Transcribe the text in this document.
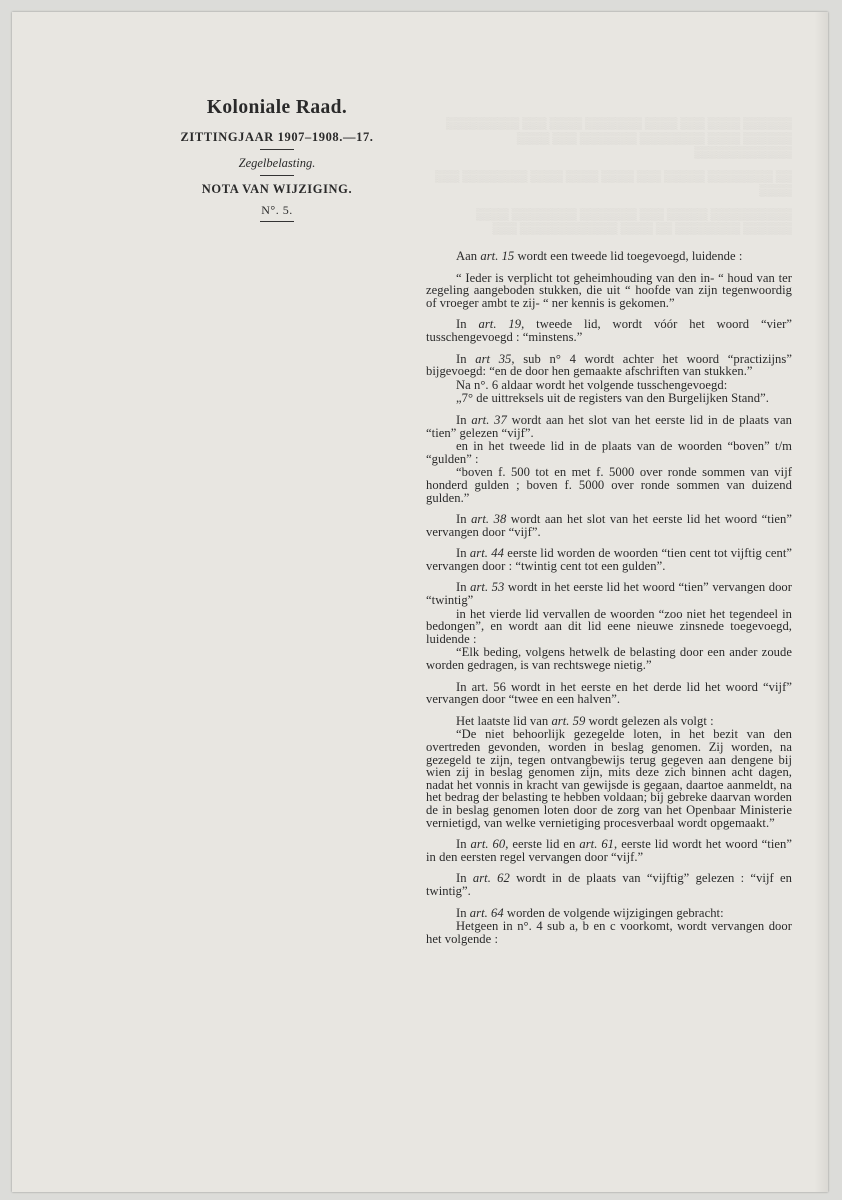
▒▒▒▒▒▒ ▒▒▒▒ ▒▒▒ ▒▒▒▒ ▒▒▒▒▒▒▒ ▒▒▒▒ ▒▒▒ ▒▒▒▒▒▒▒▒▒ ▒▒▒▒▒▒ ▒▒▒▒ ▒▒▒▒▒▒▒▒ ▒▒▒▒▒▒▒ ▒▒▒ ▒▒▒▒ ▒▒▒▒▒▒▒▒▒▒▒▒

▒▒ ▒▒▒▒▒▒▒▒ ▒▒▒▒▒ ▒▒▒ ▒▒▒▒ ▒▒▒▒ ▒▒▒▒ ▒▒▒▒▒▒▒▒ ▒▒▒ ▒▒▒▒

▒▒▒▒▒▒▒▒▒▒ ▒▒▒▒▒ ▒▒▒ ▒▒▒▒▒▒▒ ▒▒▒▒▒▒▒▒ ▒▒▒▒ ▒▒▒▒▒▒ ▒▒▒▒▒▒▒▒ ▒▒ ▒▒▒▒ ▒▒▒▒▒▒▒▒▒▒▒▒ ▒▒▒

Koloniale Raad.

ZITTINGJAAR 1907–1908.—17.

Zegelbelasting.

NOTA VAN WIJZIGING.

N°. 5.

Aan art. 15 wordt een tweede lid toegevoegd, luidende :

“ Ieder is verplicht tot geheimhouding van den in- “ houd van ter zegeling aangeboden stukken, die uit “ hoofde van zijn tegenwoordig of vroeger ambt te zij- “ ner kennis is gekomen.”

In art. 19, tweede lid, wordt vóór het woord “vier” tusschengevoegd : “minstens.”

In art 35, sub n° 4 wordt achter het woord “practizijns” bijgevoegd: “en de door hen gemaakte afschriften van stukken.”

Na n°. 6 aldaar wordt het volgende tusschengevoegd:

„7° de uittreksels uit de registers van den Burgelijken Stand”.

In art. 37 wordt aan het slot van het eerste lid in de plaats van “tien” gelezen “vijf”.

en in het tweede lid in de plaats van de woorden “boven” t/m “gulden” :

“boven f. 500 tot en met f. 5000 over ronde sommen van vijf honderd gulden ; boven f. 5000 over ronde sommen van duizend gulden.”

In art. 38 wordt aan het slot van het eerste lid het woord “tien” vervangen door “vijf”.

In art. 44 eerste lid worden de woorden “tien cent tot vijftig cent” vervangen door : “twintig cent tot een gulden”.

In art. 53 wordt in het eerste lid het woord “tien” vervangen door “twintig”

in het vierde lid vervallen de woorden “zoo niet het tegendeel in bedongen”, en wordt aan dit lid eene nieuwe zinsnede toegevoegd, luidende :

“Elk beding, volgens hetwelk de belasting door een ander zoude worden gedragen, is van rechtswege nietig.”

In art. 56 wordt in het eerste en het derde lid het woord “vijf” vervangen door “twee en een halven”.

Het laatste lid van art. 59 wordt gelezen als volgt :

“De niet behoorlijk gezegelde loten, in het bezit van den overtreden gevonden, worden in beslag genomen. Zij worden, na gezegeld te zijn, tegen ontvangbewijs terug gegeven aan dengene bij wien zij in beslag genomen zijn, mits deze zich binnen acht dagen, nadat het vonnis in kracht van gewijsde is gegaan, daartoe aanmeldt, na het bedrag der belasting te hebben voldaan; bij gebreke daarvan worden de in beslag genomen loten door de zorg van het Openbaar Ministerie vernietigd, van welke vernietiging procesverbaal wordt opgemaakt.”

In art. 60, eerste lid en art. 61, eerste lid wordt het woord “tien” in den eersten regel vervangen door “vijf.”

In art. 62 wordt in de plaats van “vijftig” gelezen : “vijf en twintig”.

In art. 64 worden de volgende wijzigingen gebracht:

Hetgeen in n°. 4 sub a, b en c voorkomt, wordt vervangen door het volgende :
